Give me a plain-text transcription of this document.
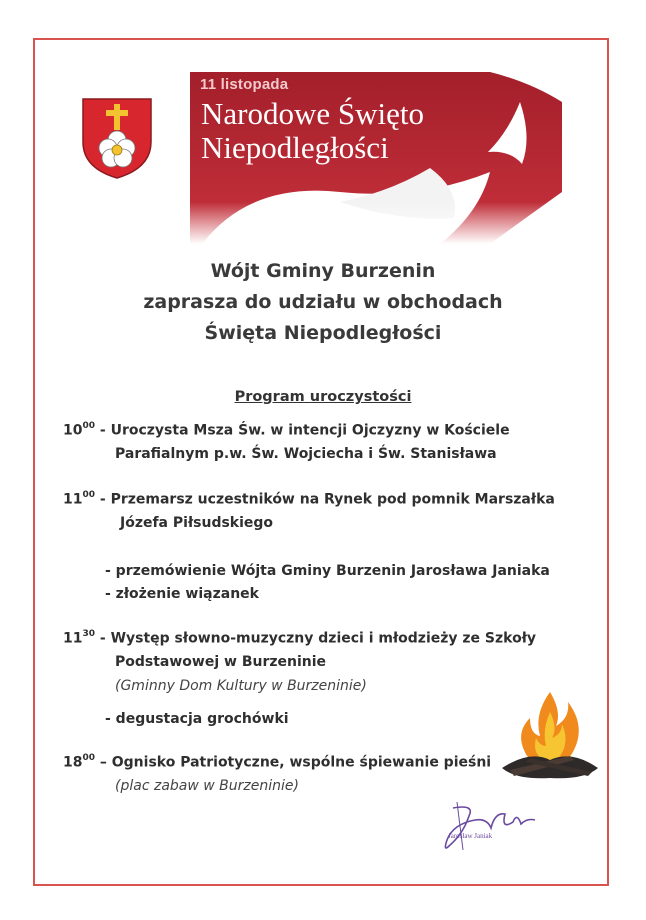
11 listopada
Narodowe Święto
Niepodległości
Wójt Gminy Burzenin
zaprasza do udziału w obchodach
Święta Niepodległości
Program uroczystości
$10^{00}$ - Uroczysta Msza Św. w intencji Ojczyzny w Kościele
Parafialnym p.w. Św. Wojciecha i Św. Stanisława
$11^{00}$ - Przemarsz uczestników na Rynek pod pomnik Marszałka
Józefa Piłsudskiego
- przemówienie Wójta Gminy Burzenin Jarosława Janiaka
- złożenie wiązanek
$11^{30}$ - Występ słowno-muzyczny dzieci i młodzieży ze Szkoły
Podstawowej w Burzeninie
(Gminny Dom Kultury w Burzeninie)
- degustacja grochówki
$18^{00}$ – Ognisko Patriotyczne, wspólne śpiewanie pieśni
(plac zabaw w Burzeninie)
Jarosław Janiak
